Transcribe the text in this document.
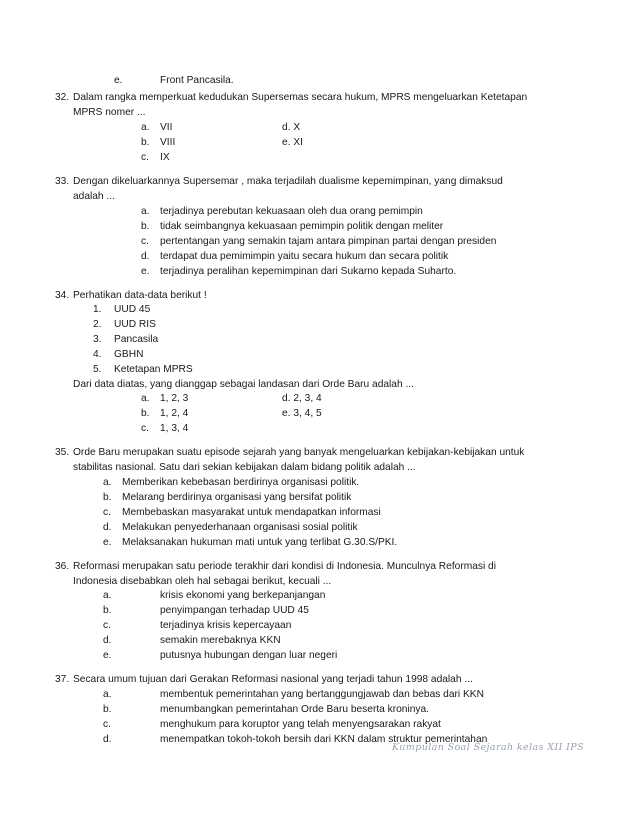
e.	Front Pancasila.
32. Dalam rangka memperkuat kedudukan Supersemas secara hukum, MPRS mengeluarkan Ketetapan
MPRS nomer ...
a. VII	d. X
b. VIII	e. XI
c. IX
33. Dengan dikeluarkannya Supersemar , maka terjadilah dualisme kepemimpinan, yang dimaksud
adalah ...
a. terjadinya perebutan kekuasaan oleh dua orang pemimpin
b. tidak seimbangnya kekuasaan pemimpin politik dengan meliter
c. pertentangan yang semakin tajam antara pimpinan partai dengan presiden
d. terdapat dua pemimimpin yaitu secara hukum dan secara politik
e. terjadinya peralihan kepemimpinan dari Sukarno kepada Suharto.
34. Perhatikan data-data berikut !
1. UUD 45
2. UUD RIS
3. Pancasila
4. GBHN
5. Ketetapan MPRS
Dari data diatas, yang dianggap sebagai landasan dari Orde Baru adalah ...
a. 1, 2, 3	d. 2, 3, 4
b. 1, 2, 4	e. 3, 4, 5
c. 1, 3, 4
35. Orde Baru merupakan suatu episode sejarah yang banyak mengeluarkan kebijakan-kebijakan untuk
stabilitas nasional. Satu dari sekian kebijakan dalam bidang politik adalah ...
a. Memberikan kebebasan berdirinya organisasi politik.
b. Melarang berdirinya organisasi yang bersifat politik
c. Membebaskan masyarakat untuk mendapatkan informasi
d. Melakukan penyederhanaan organisasi sosial politik
e. Melaksanakan hukuman mati untuk yang terlibat G.30.S/PKI.
36. Reformasi merupakan satu periode terakhir dari kondisi di Indonesia. Munculnya Reformasi di
Indonesia disebabkan oleh hal sebagai berikut, kecuali ...
a.	krisis ekonomi yang berkepanjangan
b.	penyimpangan terhadap UUD 45
c.	terjadinya krisis kepercayaan
d.	semakin merebaknya KKN
e.	putusnya hubungan dengan luar negeri
37. Secara umum tujuan dari Gerakan Reformasi nasional yang terjadi tahun 1998 adalah ...
a.	membentuk pemerintahan yang bertanggungjawab dan bebas dari KKN
b.	menumbangkan pemerintahan Orde Baru beserta kroninya.
c.	menghukum para koruptor yang telah menyengsarakan rakyat
d.	menempatkan tokoh-tokoh bersih dari KKN dalam struktur pemerintahan
Kumpulan Soal Sejarah kelas XII IPS
